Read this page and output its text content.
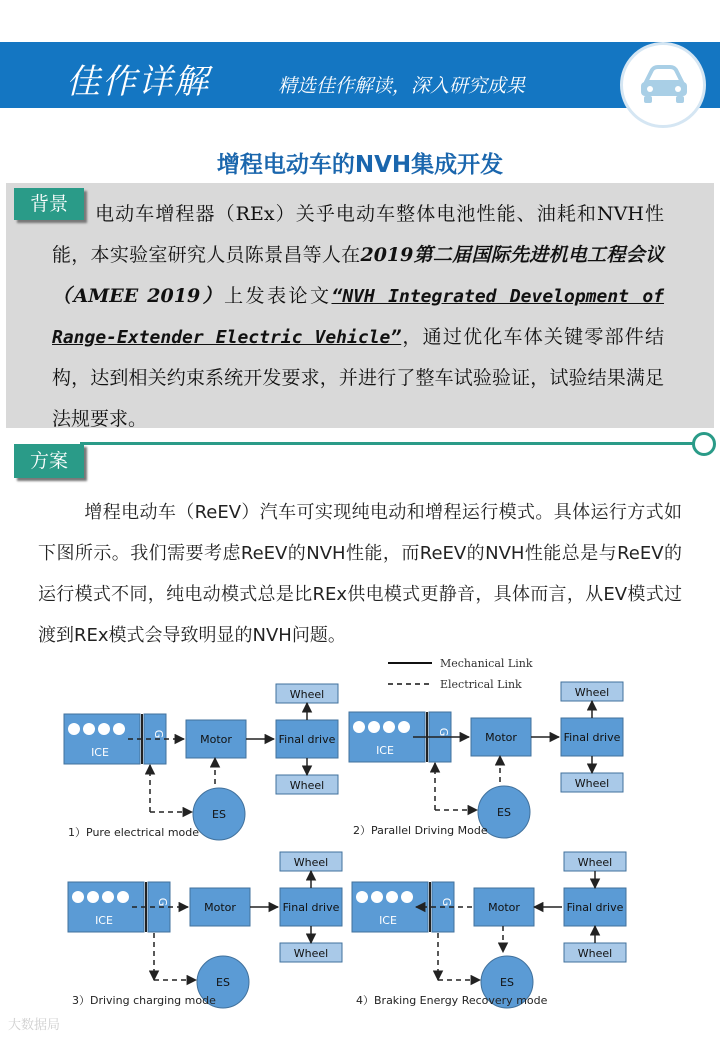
佳作详解	精选佳作解读，深入研究成果
增程电动车的NVH集成开发
背景	电动车增程器（REx）关乎电动车整体电池性能、油耗和NVH性能，本实验室研究人员陈景昌等人在2019第二届国际先进机电工程会议（AMEE 2019）上发表论文“NVH Integrated Development of Range-Extender Electric Vehicle”，通过优化车体关键零部件结构，达到相关约束系统开发要求，并进行了整车试验验证，试验结果满足法规要求。
方案
增程电动车（ReEV）汽车可实现纯电动和增程运行模式。具体运行方式如下图所示。我们需要考虑ReEV的NVH性能，而ReEV的NVH性能总是与ReEV的运行模式不同，纯电动模式总是比REx供电模式更静音，具体而言，从EV模式过渡到REx模式会导致明显的NVH问题。
Mechanical Link
Electrical Link
Wheel
Wheel
ICE
G	Motor	Final drive
ES
1）Pure electrical mode
Wheel
Wheel
ICE
G	Motor	Final drive
ES
2）Parallel Driving Mode
Wheel
Wheel
ICE
G	Motor	Final drive
ES
3）Driving charging mode
Wheel
Wheel
ICE
G	Motor	Final drive
ES
4）Braking Energy Recovery mode
大数据局
